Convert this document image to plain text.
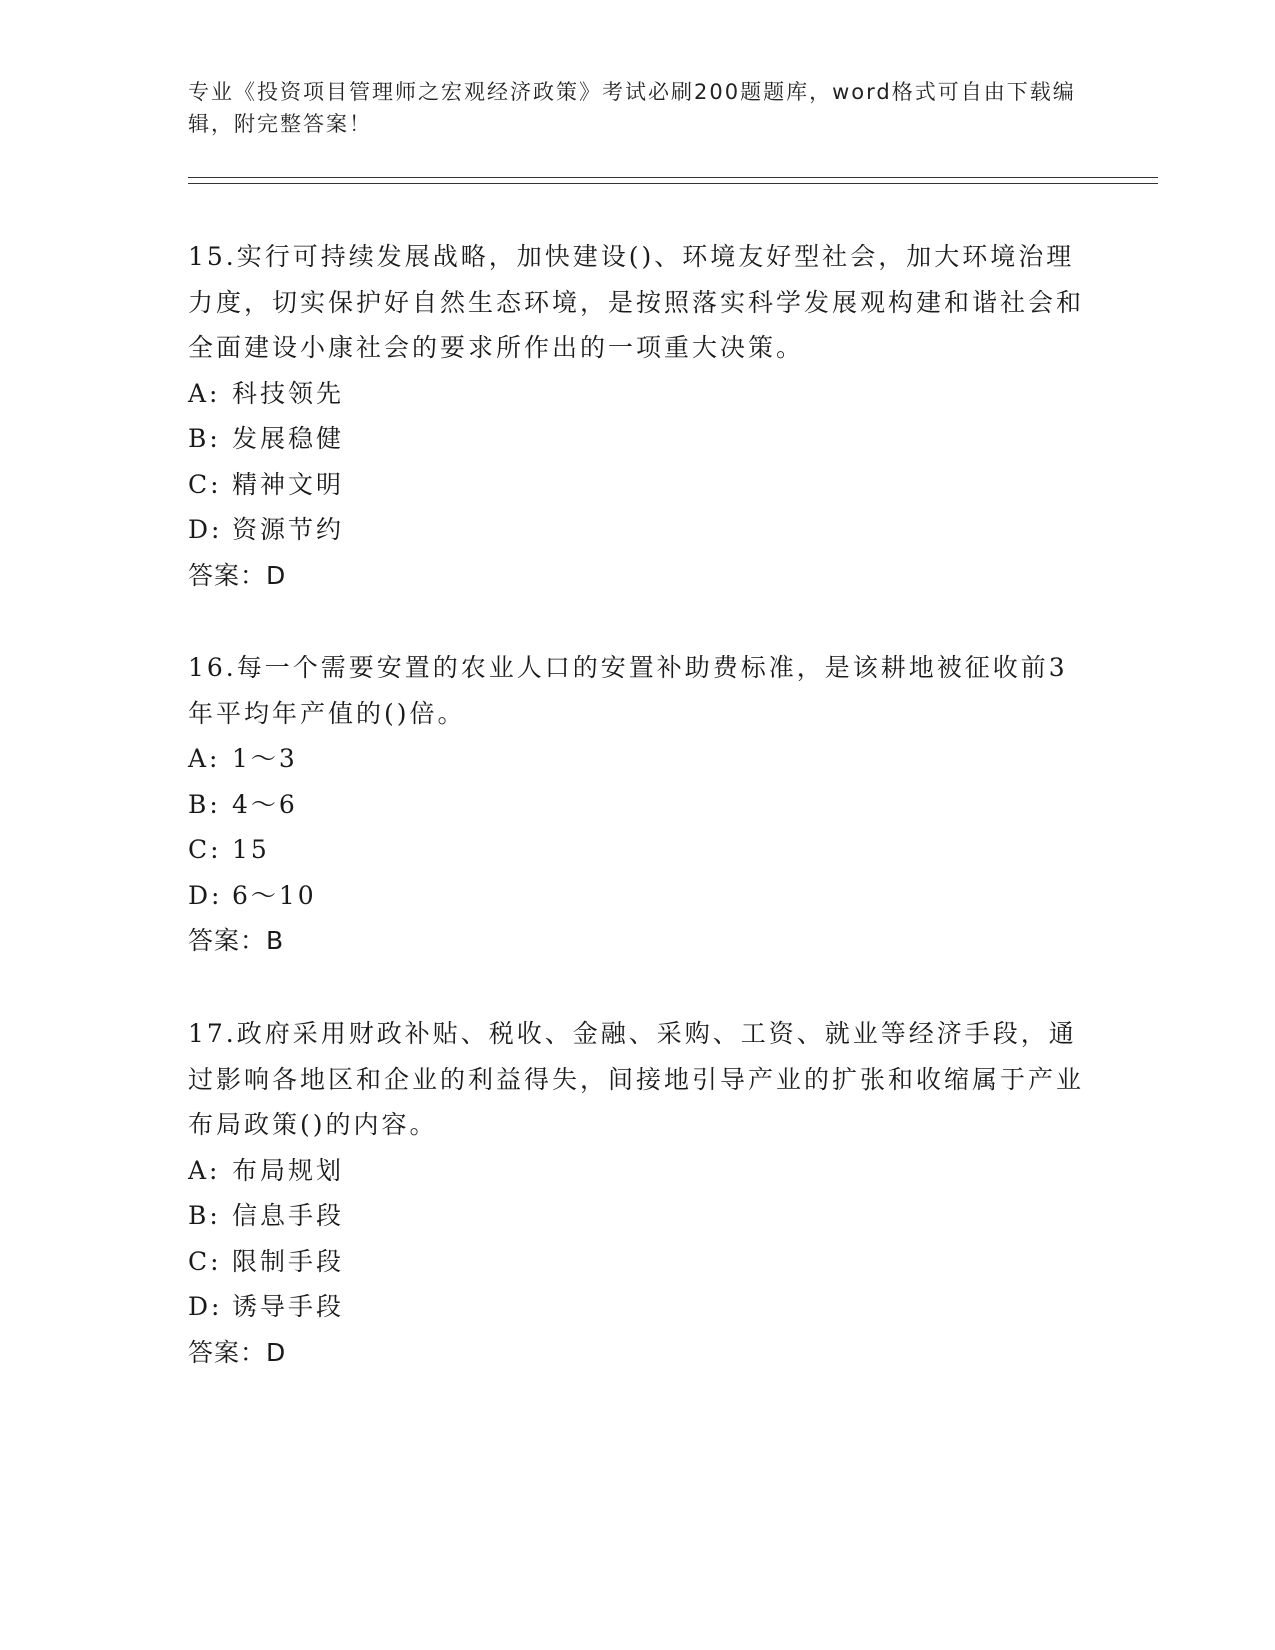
专业《投资项目管理师之宏观经济政策》考试必刷200题题库，word格式可自由下载编辑，附完整答案！

15.实行可持续发展战略，加快建设()、环境友好型社会，加大环境治理力度，切实保护好自然生态环境，是按照落实科学发展观构建和谐社会和全面建设小康社会的要求所作出的一项重大决策。

A: 科技领先

B: 发展稳健

C: 精神文明

D: 资源节约

答案：D

16.每一个需要安置的农业人口的安置补助费标准，是该耕地被征收前3年平均年产值的()倍。

A: 1～3

B: 4～6

C: 15

D: 6～10

答案：B

17.政府采用财政补贴、税收、金融、采购、工资、就业等经济手段，通过影响各地区和企业的利益得失，间接地引导产业的扩张和收缩属于产业布局政策()的内容。

A: 布局规划

B: 信息手段

C: 限制手段

D: 诱导手段

答案：D
